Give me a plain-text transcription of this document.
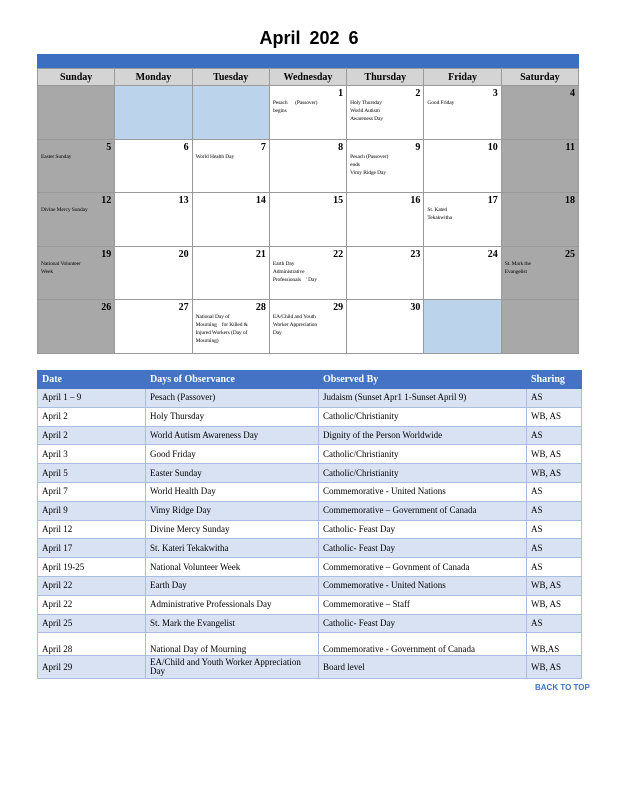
April 202 6
Sunday	Monday	Tuesday	Wednesday	Thursday	Friday	Saturday

			1
Pesach      (Passover)
begins	2
Holy Thursday
World Autism
Awareness Day	3
Good Friday	4

5
Easter Sunday	6	7
World Health Day	8	9
Pesach (Passover)
ends
Vimy Ridge Day	10	11

12
Divine Mercy Sunday	13	14	15	16	17
St. Kateri
Tekakwitha	18

19
National Volunteer
Week	20	21	22
Earth Day
Administrative
Professionals    ' Day	23	24	25
St. Mark the
Evangelist

26	27	28
National Day of
Mourning    for Killed &
Injured Workers (Day of
Mourning)	29
EA/Child and Youth
Worker Appreciation
Day	30		

Date	Days of Observance	Observed By	Sharing
April 1 – 9	Pesach (Passover)	Judaism (Sunset Apr1 1-Sunset April 9)	AS
April 2	Holy Thursday	Catholic/Christianity	WB, AS
April 2	World Autism Awareness Day	Dignity of the Person Worldwide	AS
April 3	Good Friday	Catholic/Christianity	WB, AS
April 5	Easter Sunday	Catholic/Christianity	WB, AS
April 7	World Health Day	Commemorative - United Nations	AS
April 9	Vimy Ridge Day	Commemorative – Government of Canada	AS
April 12	Divine Mercy Sunday	Catholic- Feast Day	AS
April 17	St. Kateri Tekakwitha	Catholic- Feast Day	AS
April 19-25	National Volunteer Week	Commemorative – Govnment of Canada	AS
April 22	Earth Day	Commemorative - United Nations	WB, AS
April 22	Administrative Professionals Day	Commemorative – Staff	WB, AS
April 25	St. Mark the Evangelist	Catholic- Feast Day	AS
April 28	National Day of Mourning	Commemorative - Government of Canada	WB,AS
April 29	EA/Child and Youth Worker Appreciation Day	Board level	WB, AS
BACK TO TOP
